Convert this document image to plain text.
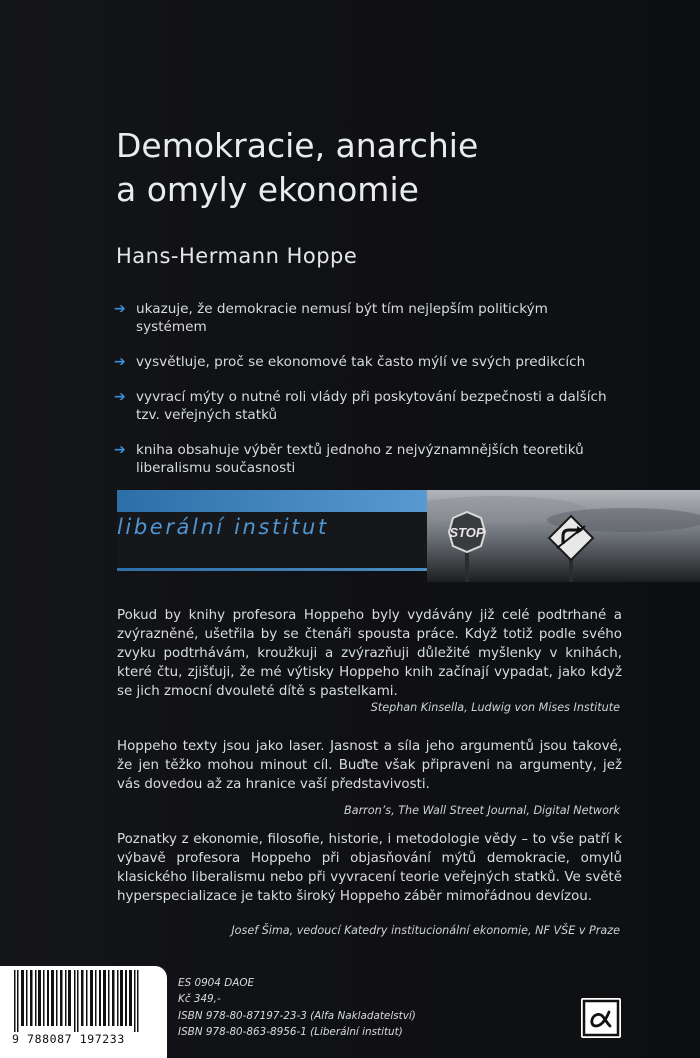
Demokracie, anarchie
a omyly ekonomie
Hans-Hermann Hoppe
➔ ukazuje, že demokracie nemusí být tím nejlepším politickým systémem
➔ vysvětluje, proč se ekonomové tak často mýlí ve svých predikcích
➔ vyvrací mýty o nutné roli vlády při poskytování bezpečnosti a dalších tzv. veřejných statků
➔ kniha obsahuje výběr textů jednoho z nejvýznamnějších teoretiků liberalismu současnosti
liberální institut	STOP

Pokud by knihy profesora Hoppeho byly vydávány již celé podtrhané a zvýrazněné, ušetřila by se čtenáři spousta práce. Když totiž podle svého zvyku podtrhávám, kroužkuji a zvýrazňuji důležité myšlenky v knihách, které čtu, zjišťuji, že mé výtisky Hoppeho knih začínají vypadat, jako když se jich zmocní dvouleté dítě s pastelkami.

Stephan Kinsella, Ludwig von Mises Institute

Hoppeho texty jsou jako laser. Jasnost a síla jeho argumentů jsou takové, že jen těžko mohou minout cíl. Buďte však připraveni na argumenty, jež vás dovedou až za hranice vaší představivosti.

Barron’s, The Wall Street Journal, Digital Network

Poznatky z ekonomie, filosofie, historie, i metodologie vědy – to vše patří k výbavě profesora Hoppeho při objasňování mýtů demokracie, omylů klasického liberalismu nebo při vyvracení teorie veřejných statků. Ve světě hyperspecializace je takto široký Hoppeho záběr mimořádnou devízou.

Josef Šima, vedoucí Katedry institucionální ekonomie, NF VŠE v Praze
9 788087 197233
ES 0904 DAOE
Kč 349,-
ISBN 978-80-87197-23-3 (Alfa Nakladatelství)
ISBN 978-80-863-8956-1 (Liberální institut)
